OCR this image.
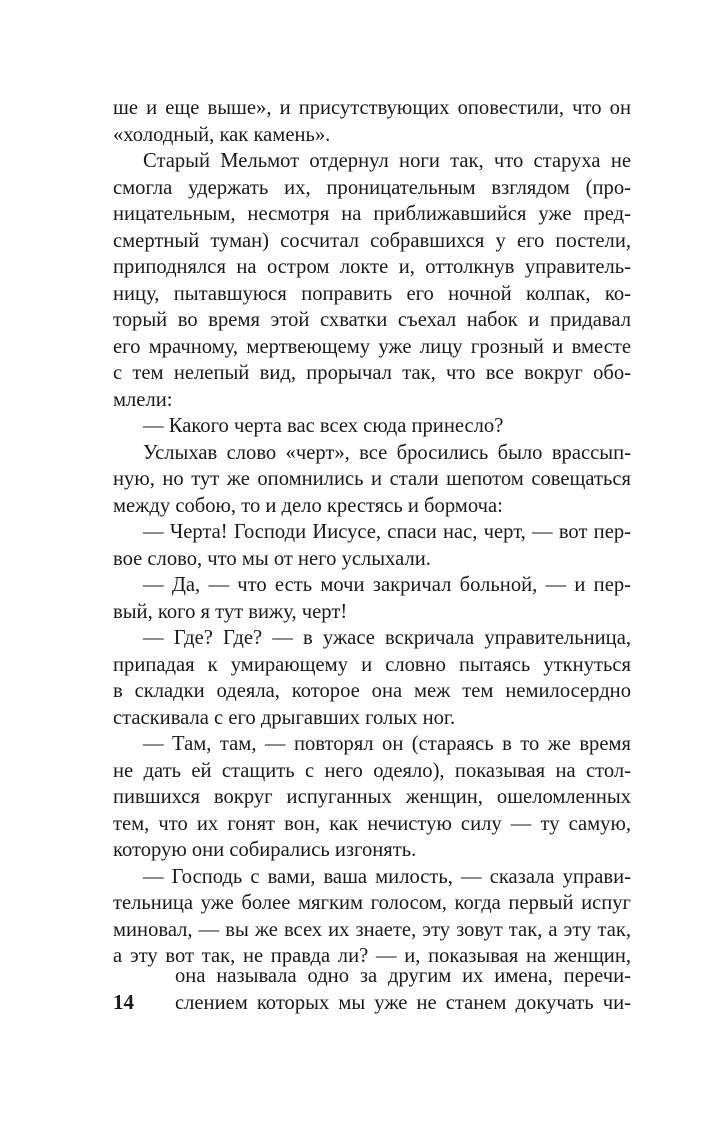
ше и еще выше», и присутствующих оповестили, что он
«холодный, как камень».
Старый Мельмот отдернул ноги так, что старуха не
смогла удержать их, проницательным взглядом (про-
ницательным, несмотря на приближавшийся уже пред-
смертный туман) сосчитал собравшихся у его постели,
приподнялся на остром локте и, оттолкнув управитель-
ницу, пытавшуюся поправить его ночной колпак, ко-
торый во время этой схватки съехал набок и придавал
его мрачному, мертвеющему уже лицу грозный и вместе
с тем нелепый вид, прорычал так, что все вокруг обо-
млели:
— Какого черта вас всех сюда принесло?
Услыхав слово «черт», все бросились было врассып-
ную, но тут же опомнились и стали шепотом совещаться
между собою, то и дело крестясь и бормоча:
— Черта! Господи Иисусе, спаси нас, черт, — вот пер-
вое слово, что мы от него услыхали.
— Да, — что есть мочи закричал больной, — и пер-
вый, кого я тут вижу, черт!
— Где? Где? — в ужасе вскричала управительница,
припадая к умирающему и словно пытаясь уткнуться
в складки одеяла, которое она меж тем немилосердно
стаскивала с его дрыгавших голых ног.
— Там, там, — повторял он (стараясь в то же время
не дать ей стащить с него одеяло), показывая на стол-
пившихся вокруг испуганных женщин, ошеломленных
тем, что их гонят вон, как нечистую силу — ту самую,
которую они собирались изгонять.
— Господь с вами, ваша милость, — сказала управи-
тельница уже более мягким голосом, когда первый испуг
миновал, — вы же всех их знаете, эту зовут так, а эту так,
а эту вот так, не правда ли? — и, показывая на женщин,
она называла одно за другим их имена, перечи-
слением которых мы уже не станем докучать чи-
14
